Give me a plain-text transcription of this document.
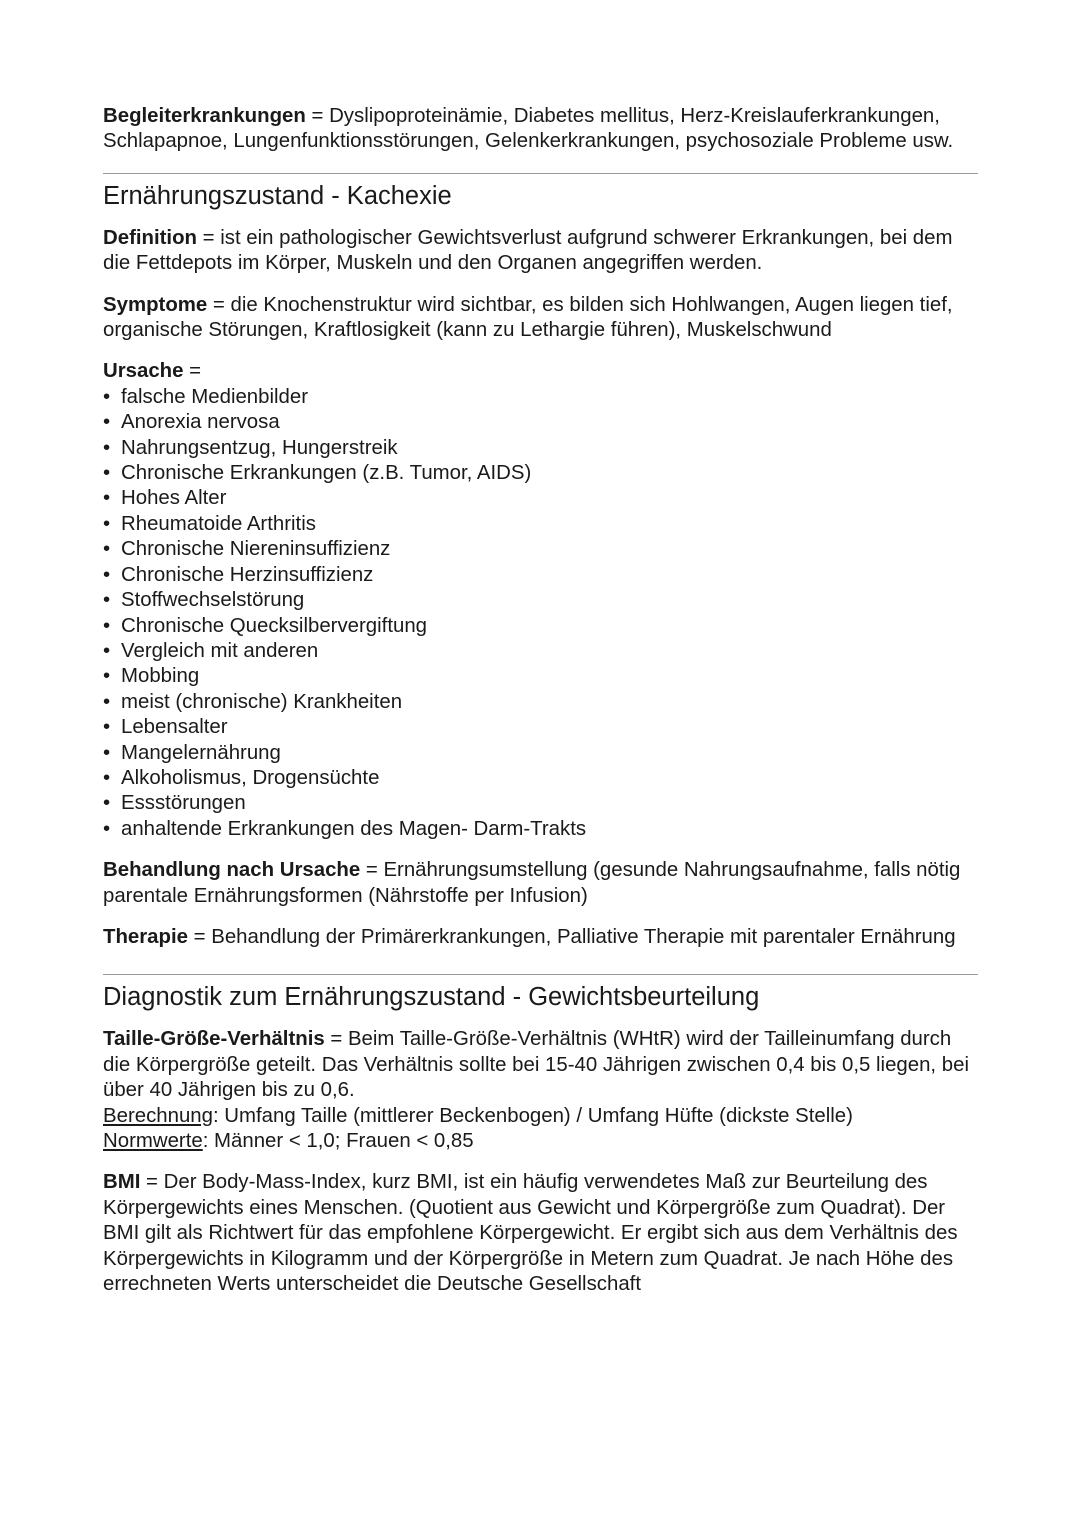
Begleiterkrankungen = Dyslipoproteinämie, Diabetes mellitus, Herz-Kreislauferkrankungen, Schlapapnoe, Lungenfunktionsstörungen, Gelenkerkrankungen, psychosoziale Probleme usw.

Ernährungszustand - Kachexie

Definition = ist ein pathologischer Gewichtsverlust aufgrund schwerer Erkrankungen, bei dem die Fettdepots im Körper, Muskeln und den Organen angegriffen werden.

Symptome = die Knochenstruktur wird sichtbar, es bilden sich Hohlwangen, Augen liegen tief, organische Störungen, Kraftlosigkeit (kann zu Lethargie führen), Muskelschwund

Ursache =
• falsche Medienbilder
• Anorexia nervosa
• Nahrungsentzug, Hungerstreik
• Chronische Erkrankungen (z.B. Tumor, AIDS)
• Hohes Alter
• Rheumatoide Arthritis
• Chronische Niereninsuffizienz
• Chronische Herzinsuffizienz
• Stoffwechselstörung
• Chronische Quecksilbervergiftung
• Vergleich mit anderen
• Mobbing
• meist (chronische) Krankheiten
• Lebensalter
• Mangelernährung
• Alkoholismus, Drogensüchte
• Essstörungen
• anhaltende Erkrankungen des Magen- Darm-Trakts

Behandlung nach Ursache = Ernährungsumstellung (gesunde Nahrungsaufnahme, falls nötig parentale Ernährungsformen (Nährstoffe per Infusion)

Therapie = Behandlung der Primärerkrankungen, Palliative Therapie mit parentaler Ernährung

Diagnostik zum Ernährungszustand - Gewichtsbeurteilung

Taille-Größe-Verhältnis = Beim Taille-Größe-Verhältnis (WHtR) wird der Tailleinumfang durch die Körpergröße geteilt. Das Verhältnis sollte bei 15-40 Jährigen zwischen 0,4 bis 0,5 liegen, bei über 40 Jährigen bis zu 0,6.
Berechnung: Umfang Taille (mittlerer Beckenbogen) / Umfang Hüfte (dickste Stelle)
Normwerte: Männer < 1,0; Frauen < 0,85

BMI = Der Body-Mass-Index, kurz BMI, ist ein häufig verwendetes Maß zur Beurteilung des Körpergewichts eines Menschen. (Quotient aus Gewicht und Körpergröße zum Quadrat). Der BMI gilt als Richtwert für das empfohlene Körpergewicht. Er ergibt sich aus dem Verhältnis des Körpergewichts in Kilogramm und der Körpergröße in Metern zum Quadrat. Je nach Höhe des errechneten Werts unterscheidet die Deutsche Gesellschaft
